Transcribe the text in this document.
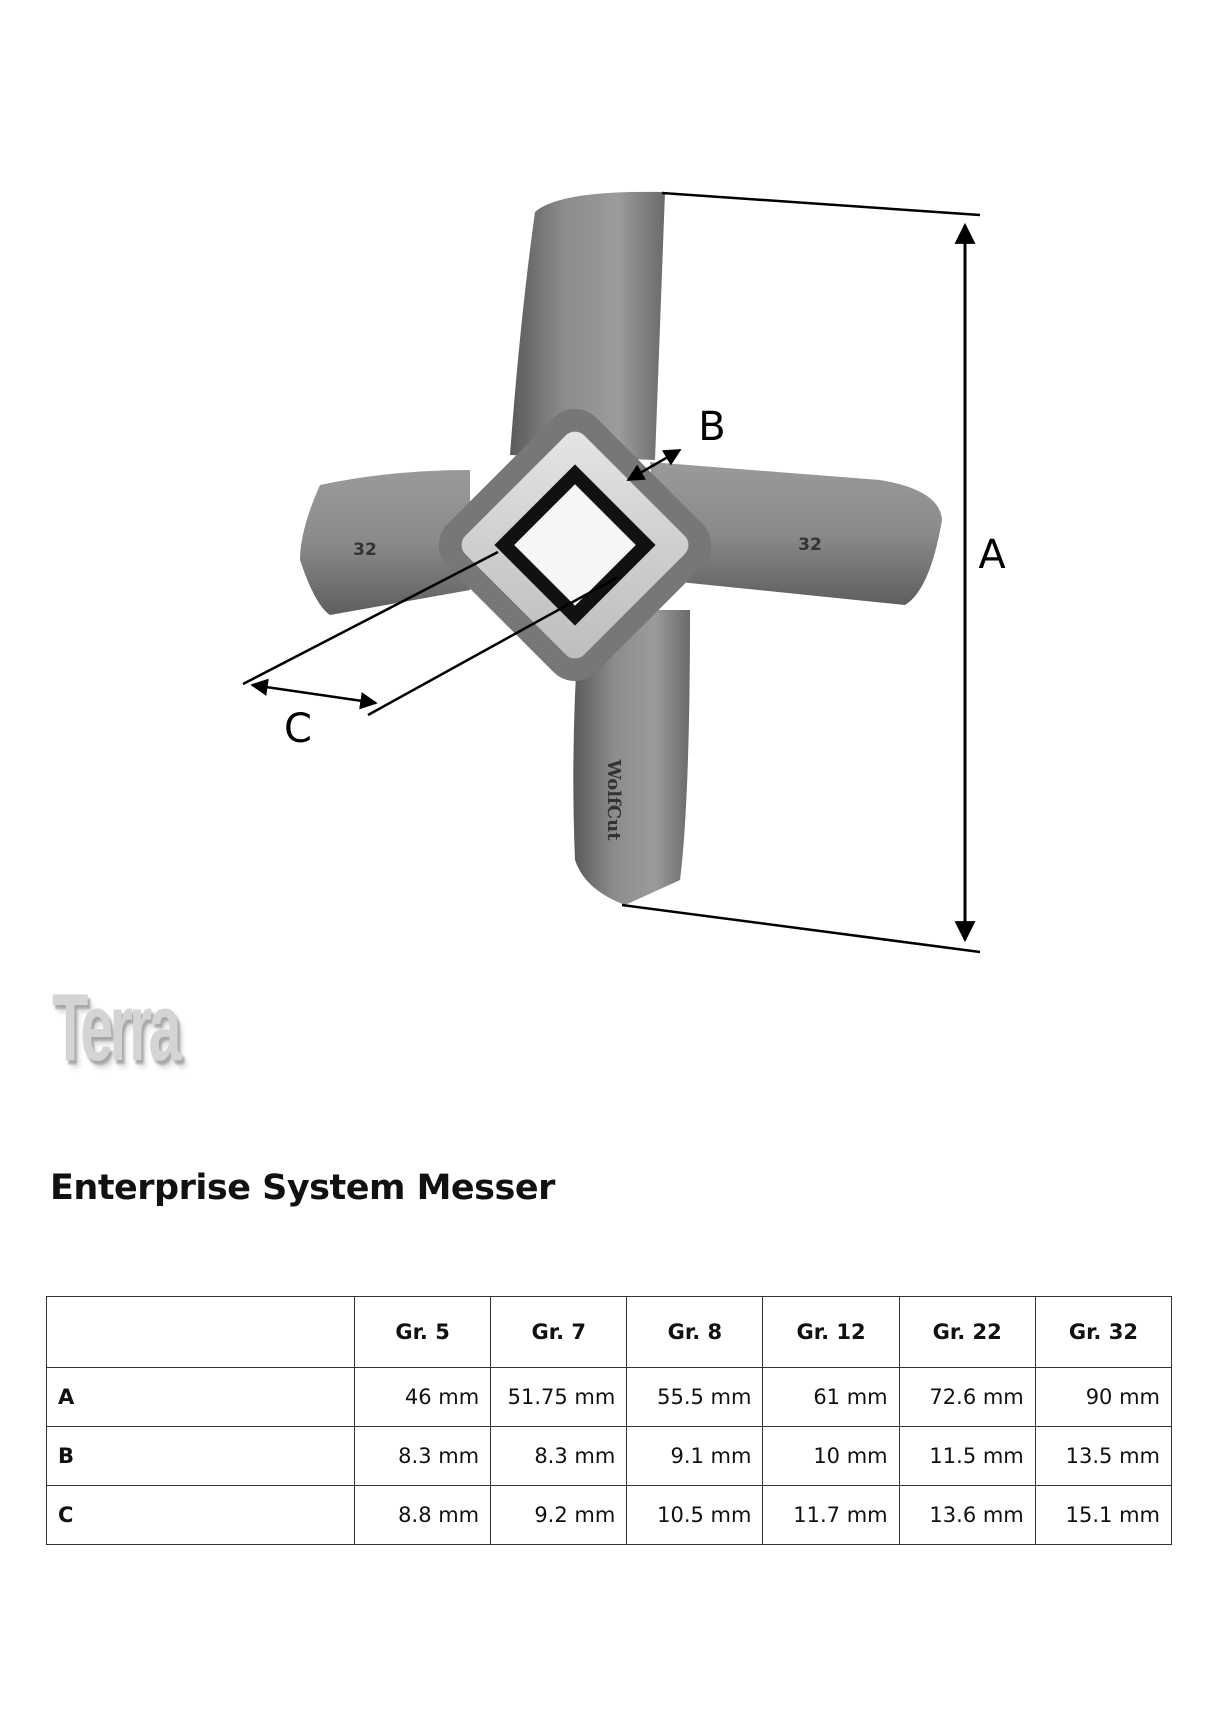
32	32
WolfCut
A
B
C
Terra
Enterprise System Messer
	Gr. 5	Gr. 7	Gr. 8	Gr. 12	Gr. 22	Gr. 32
A	46 mm	51.75 mm	55.5 mm	61 mm	72.6 mm	90 mm
B	8.3 mm	8.3 mm	9.1 mm	10 mm	11.5 mm	13.5 mm
C	8.8 mm	9.2 mm	10.5 mm	11.7 mm	13.6 mm	15.1 mm
